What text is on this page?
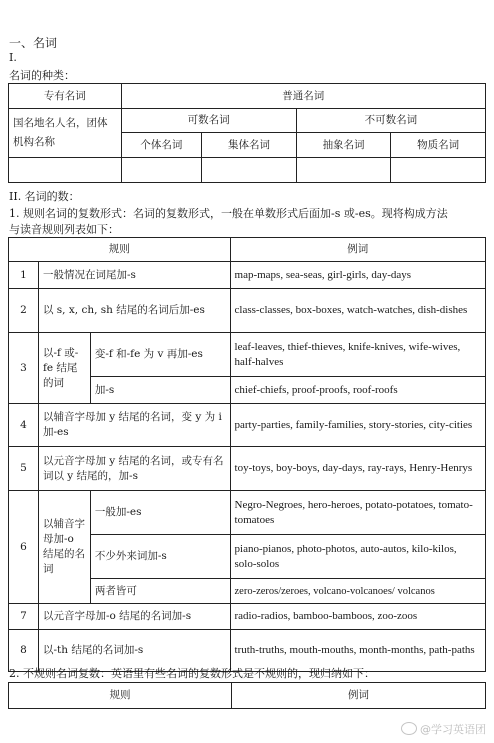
一、名词
I.
名词的种类：
专有名词	普通名词			
国名地名人名，团体机构名称	可数名词		不可数名词	
	个体名词	集体名词	抽象名词	物质名词

II. 名词的数：
1. 规则名词的复数形式：名词的复数形式，一般在单数形式后面加-s 或-es。现将构成方法
与读音规则列表如下：
规则			例词
1	一般情况在词尾加-s		map-maps, sea-seas, girl-girls, day-days
2	以 s, x, ch, sh 结尾的名词后加-es		class-classes, box-boxes, watch-watches, dish-dishes
3	以-f 或-fe 结尾的词	变-f 和-fe 为 v 再加-es	leaf-leaves, thief-thieves, knife-knives, wife-wives, half-halves
		加-s	chief-chiefs, proof-proofs, roof-roofs
4	以辅音字母加 y 结尾的名词，变 y 为 i 加-es		party-parties, family-families, story-stories, city-cities
5	以元音字母加 y 结尾的名词，或专有名词以 y 结尾的，加-s		toy-toys, boy-boys, day-days, ray-rays, Henry-Henrys
6	以辅音字母加-o 结尾的名词	一般加-es	Negro-Negroes, hero-heroes, potato-potatoes, tomato-tomatoes
		不少外来词加-s	piano-pianos, photo-photos, auto-autos, kilo-kilos, solo-solos
		两者皆可	zero-zeros/zeroes, volcano-volcanoes/ volcanos
7	以元音字母加-o 结尾的名词加-s		radio-radios, bamboo-bamboos, zoo-zoos
8	以-th 结尾的名词加-s		truth-truths, mouth-mouths, month-months, path-paths
2. 不规则名词复数：英语里有些名词的复数形式是不规则的，现归纳如下：
规则	例词
@学习英语团
